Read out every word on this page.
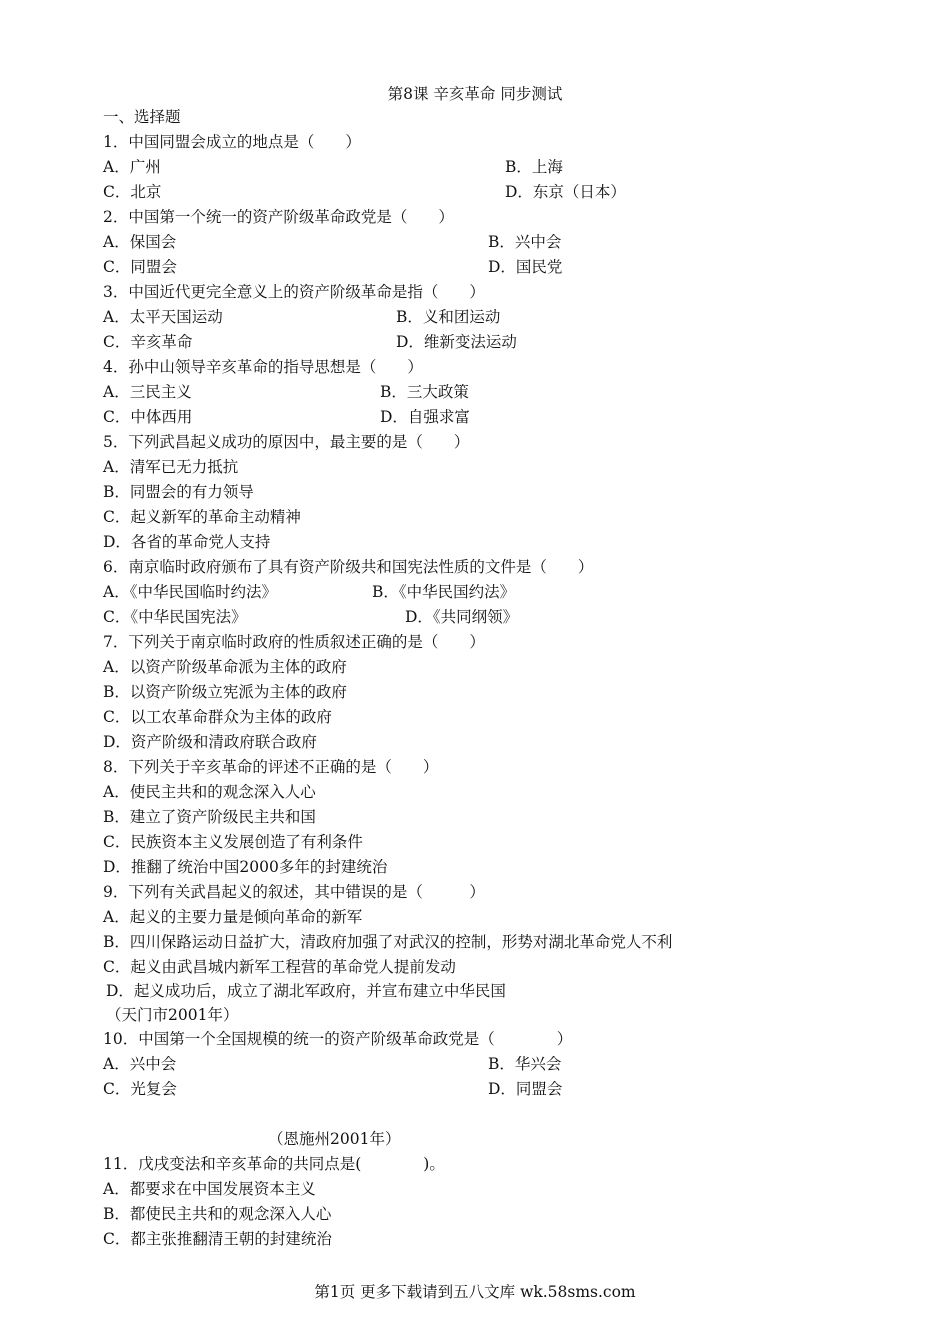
第8课 辛亥革命 同步测试
一、选择题
1．中国同盟会成立的地点是（　　）
A．广州	B．上海
C．北京	D．东京（日本）
2．中国第一个统一的资产阶级革命政党是（　　）
A．保国会	B．兴中会
C．同盟会	D．国民党
3．中国近代更完全意义上的资产阶级革命是指（　　）
A．太平天国运动	B．义和团运动
C．辛亥革命	D．维新变法运动
4．孙中山领导辛亥革命的指导思想是（　　）
A．三民主义	B．三大政策
C．中体西用	D．自强求富
5．下列武昌起义成功的原因中，最主要的是（　　）
A．清军已无力抵抗
B．同盟会的有力领导
C．起义新军的革命主动精神
D．各省的革命党人支持
6．南京临时政府颁布了具有资产阶级共和国宪法性质的文件是（　　）
A．《中华民国临时约法》	B．《中华民国约法》
C．《中华民国宪法》	D．《共同纲领》
7．下列关于南京临时政府的性质叙述正确的是（　　）
A．以资产阶级革命派为主体的政府
B．以资产阶级立宪派为主体的政府
C．以工农革命群众为主体的政府
D．资产阶级和清政府联合政府
8．下列关于辛亥革命的评述不正确的是（　　）
A．使民主共和的观念深入人心
B．建立了资产阶级民主共和国
C．民族资本主义发展创造了有利条件
D．推翻了统治中国2000多年的封建统治
9．下列有关武昌起义的叙述，其中错误的是（　　　）
A．起义的主要力量是倾向革命的新军
B．四川保路运动日益扩大，清政府加强了对武汉的控制，形势对湖北革命党人不利
C．起义由武昌城内新军工程营的革命党人提前发动
D．起义成功后，成立了湖北军政府，并宣布建立中华民国
（天门市2001年）
10．中国第一个全国规模的统一的资产阶级革命政党是（　　　　）
A．兴中会	B．华兴会
C．光复会	D．同盟会
（恩施州2001年）
11．戊戌变法和辛亥革命的共同点是(　　　　)。
A．都要求在中国发展资本主义
B．都使民主共和的观念深入人心
C．都主张推翻清王朝的封建统治
第1页 更多下载请到五八文库 wk.58sms.com
